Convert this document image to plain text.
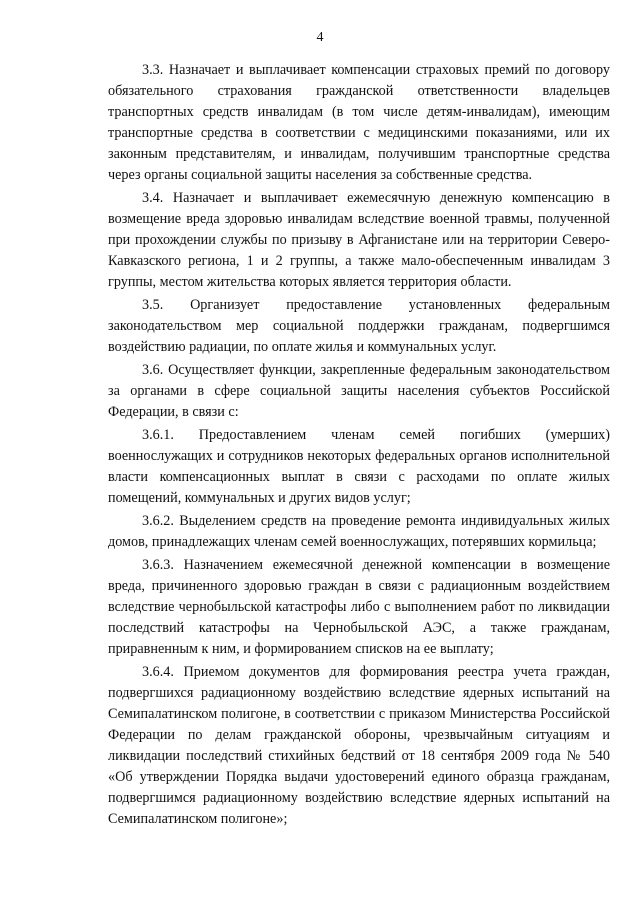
4

3.3. Назначает и выплачивает компенсации страховых премий по договору обязательного страхования гражданской ответственности владельцев транспортных средств инвалидам (в том числе детям-инвалидам), имеющим транспортные средства в соответствии с медицинскими показаниями, или их законным представителям, и инвалидам, получившим транспортные средства через органы социальной защиты населения за собственные средства.

3.4. Назначает и выплачивает ежемесячную денежную компенсацию в возмещение вреда здоровью инвалидам вследствие военной травмы, полученной при прохождении службы по призыву в Афганистане или на территории Северо-Кавказского региона, 1 и 2 группы, а также мало-обеспеченным инвалидам 3 группы, местом жительства которых является территория области.

3.5. Организует предоставление установленных федеральным законодательством мер социальной поддержки гражданам, подвергшимся воздействию радиации, по оплате жилья и коммунальных услуг.

3.6. Осуществляет функции, закрепленные федеральным законодательством за органами в сфере социальной защиты населения субъектов Российской Федерации, в связи с:

3.6.1. Предоставлением членам семей погибших (умерших) военнослужащих и сотрудников некоторых федеральных органов исполнительной власти компенсационных выплат в связи с расходами по оплате жилых помещений, коммунальных и других видов услуг;

3.6.2. Выделением средств на проведение ремонта индивидуальных жилых домов, принадлежащих членам семей военнослужащих, потерявших кормильца;

3.6.3. Назначением ежемесячной денежной компенсации в возмещение вреда, причиненного здоровью граждан в связи с радиационным воздействием вследствие чернобыльской катастрофы либо с выполнением работ по ликвидации последствий катастрофы на Чернобыльской АЭС, а также гражданам, приравненным к ним, и формированием списков на ее выплату;

3.6.4. Приемом документов для формирования реестра учета граждан, подвергшихся радиационному воздействию вследствие ядерных испытаний на Семипалатинском полигоне, в соответствии с приказом Министерства Российской Федерации по делам гражданской обороны, чрезвычайным ситуациям и ликвидации последствий стихийных бедствий от 18 сентября 2009 года № 540 «Об утверждении Порядка выдачи удостоверений единого образца гражданам, подвергшимся радиационному воздействию вследствие ядерных испытаний на Семипалатинском полигоне»;
